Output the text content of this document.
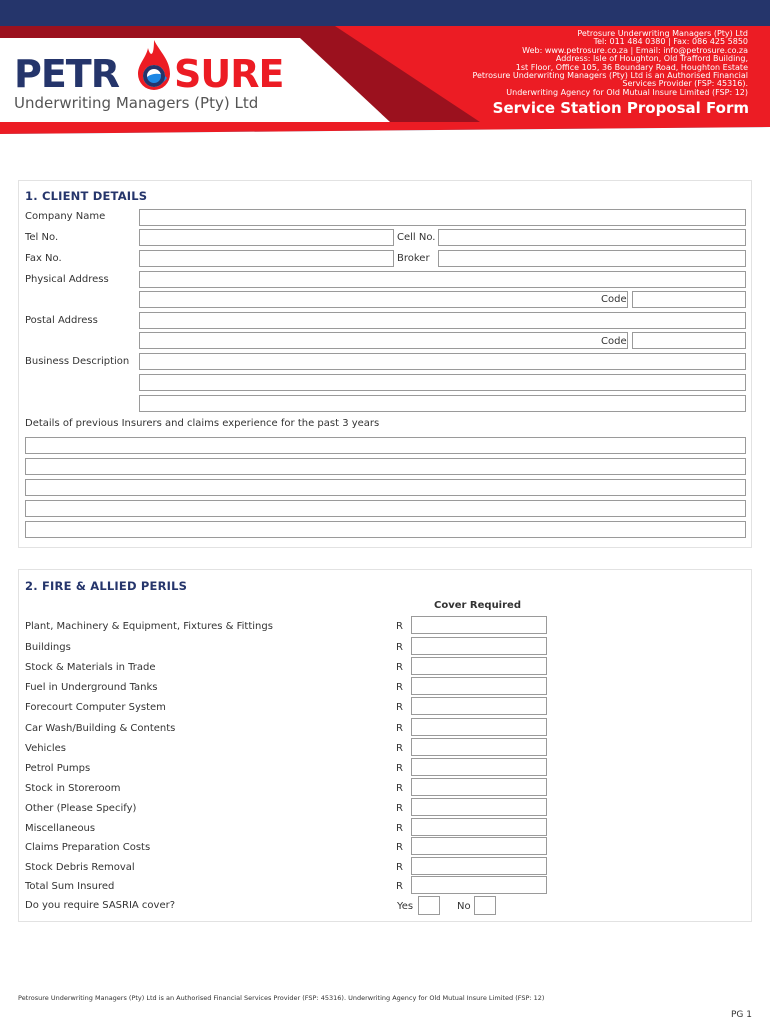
PETR SURE
Underwriting Managers (Pty) Ltd
Petrosure Underwriting Managers (Pty) Ltd
Tel: 011 484 0380 | Fax: 086 425 5850
Web: www.petrosure.co.za | Email: info@petrosure.co.za
Address: Isle of Houghton, Old Trafford Building,
1st Floor, Office 105, 36 Boundary Road, Houghton Estate
Petrosure Underwriting Managers (Pty) Ltd is an Authorised Financial
Services Provider (FSP: 45316).
Underwriting Agency for Old Mutual Insure Limited (FSP: 12)
Service Station Proposal Form
1. CLIENT DETAILS
Company Name
Tel No.	Cell No.
Fax No.	Broker
Physical Address
Code
Postal Address
Code
Business Description
Details of previous Insurers and claims experience for the past 3 years
2. FIRE & ALLIED PERILS
Cover Required
Plant, Machinery & Equipment, Fixtures & Fittings	R
Buildings	R
Stock & Materials in Trade	R
Fuel in Underground Tanks	R
Forecourt Computer System	R
Car Wash/Building & Contents	R
Vehicles	R
Petrol Pumps	R
Stock in Storeroom	R
Other (Please Specify)	R
Miscellaneous	R
Claims Preparation Costs	R
Stock Debris Removal	R
Total Sum Insured	R
Do you require SASRIA cover?	Yes	No
Petrosure Underwriting Managers (Pty) Ltd is an Authorised Financial Services Provider (FSP: 45316). Underwriting Agency for Old Mutual Insure Limited (FSP: 12)
PG 1
